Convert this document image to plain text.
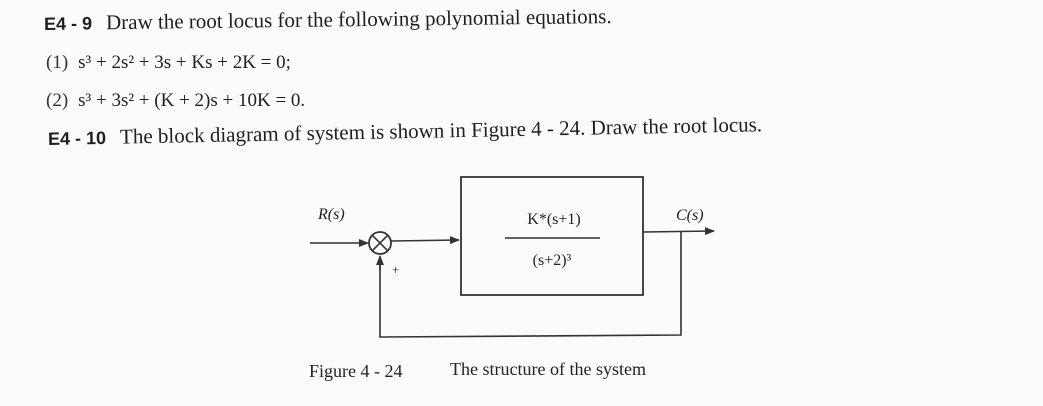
E4 - 9 Draw the root locus for the following polynomial equations.
(1) s³ + 2s² + 3s + Ks + 2K = 0;
(2) s³ + 3s² + (K + 2)s + 10K = 0.
E4 - 10 The block diagram of system is shown in Figure 4 - 24. Draw the root locus.
R(s)
+
K*(s+1)
(s+2)³
C(s)
Figure 4 - 24	The structure of the system
